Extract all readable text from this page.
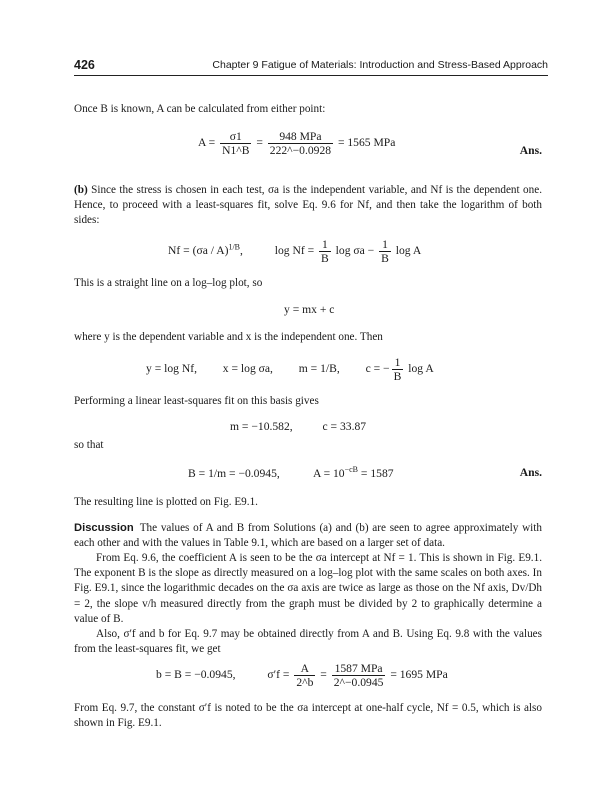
426	Chapter 9 Fatigue of Materials: Introduction and Stress-Based Approach
Once B is known, A can be calculated from either point:
$A = \frac{\sigma 1}{N1\^{}B} = \frac{\text{948 MPa}}{222\^{}-0.0928} = 1565$ MPa
Ans.
(b) Since the stress is chosen in each test, σa is the independent variable, and Nf is the dependent one. Hence, to proceed with a least-squares fit, solve Eq. 9.6 for Nf, and then take the logarithm of both sides:
Nf = (σa / A)$^{1/B}$,	$\log Nf = \frac{1}{B}$ $\log \sigma a - \frac{1}{B}$ log A
This is a straight line on a log–log plot, so
y = mx + c
where y is the dependent variable and x is the independent one. Then
y = log Nf, x = log σa, m = 1/B, c = − $\frac{1}{B}$ log A
Performing a linear least-squares fit on this basis gives
m = −10.582,	c = 33.87
so that
B = 1/m = −0.0945,	$A = 10^{-cB} = 1587$	Ans.
The resulting line is plotted on Fig. E9.1.
Discussion The values of A and B from Solutions (a) and (b) are seen to agree approximately with each other and with the values in Table 9.1, which are based on a larger set of data.
From Eq. 9.6, the coefficient A is seen to be the σa intercept at Nf = 1. This is shown in Fig. E9.1. The exponent B is the slope as directly measured on a log–log plot with the same scales on both axes. In Fig. E9.1, since the logarithmic decades on the σa axis are twice as large as those on the Nf axis, Dv/Dh = 2, the slope v/h measured directly from the graph must be divided by 2 to graphically determine a value of B.
Also, σ′f and b for Eq. 9.7 may be obtained directly from A and B. Using Eq. 9.8 with the values from the least-squares fit, we get
b = B = −0.0945,	$\sigma'f = \frac{A}{2\^{}b} = \frac{\text{1587 MPa}}{2\^{}-0.0945} = 1695$ MPa
From Eq. 9.7, the constant σ′f is noted to be the σa intercept at one-half cycle, Nf = 0.5, which is also shown in Fig. E9.1.
